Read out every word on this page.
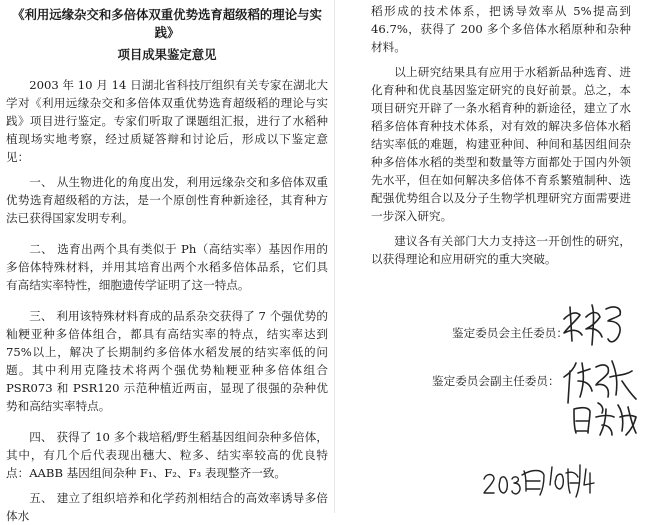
《利用远缘杂交和多倍体双重优势选育超级稻的理论与实践》

项目成果鉴定意见

2003 年 10 月 14 日湖北省科技厅组织有关专家在湖北大学对《利用远缘杂交和多倍体双重优势选育超级稻的理论与实践》项目进行鉴定。专家们听取了课题组汇报，进行了水稻种植现场实地考察，经过质疑答辩和讨论后，形成以下鉴定意见：

一、 从生物进化的角度出发，利用远缘杂交和多倍体双重优势选育超级稻的方法，是一个原创性育种新途径，其育种方法已获得国家发明专利。

二、 选育出两个具有类似于 Ph（高结实率）基因作用的多倍体特殊材料，并用其培育出两个水稻多倍体品系，它们具有高结实率特性，细胞遗传学证明了这一特点。

三、 利用该特殊材料育成的品系杂交获得了 7 个强优势的籼粳亚种多倍体组合，都具有高结实率的特点，结实率达到 75%以上，解决了长期制约多倍体水稻发展的结实率低的问题。其中利用克隆技术将两个强优势籼粳亚种多倍体组合 PSR073 和 PSR120 示范种植近两亩，显现了很强的杂种优势和高结实率特点。

四、 获得了 10 多个栽培稻/野生稻基因组间杂种多倍体，其中，有几个后代表现出穗大、粒多、结实率较高的优良特点：AABB 基因组间杂种 F₁、F₂、F₃ 表现整齐一致。

五、 建立了组织培养和化学药剂相结合的高效率诱导多倍体水

稻形成的技术体系，把诱导效率从 5%提高到 46.7%，获得了 200 多个多倍体水稻原种和杂种材料。

以上研究结果具有应用于水稻新品种选育、进化育种和优良基因鉴定研究的良好前景。总之，本项目研究开辟了一条水稻育种的新途径，建立了水稻多倍体育种技术体系，对有效的解决多倍体水稻结实率低的难题，构建亚种间、种间和基因组间杂种多倍体水稻的类型和数量等方面都处于国内外领先水平，但在如何解决多倍体不育系繁殖制种、选配强优势组合以及分子生物学机理研究方面需要进一步深入研究。

建议各有关部门大力支持这一开创性的研究，以获得理论和应用研究的重大突破。

鉴定委员会主任委员：
鉴定委员会副主任委员：
